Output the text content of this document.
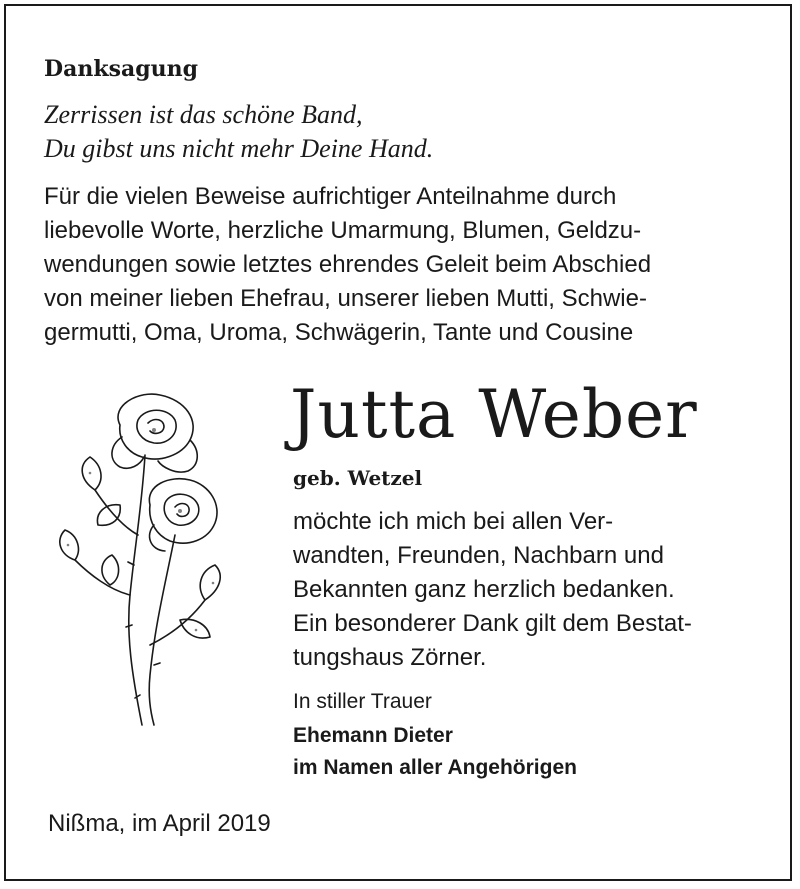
Danksagung
Zerrissen ist das schöne Band,
Du gibst uns nicht mehr Deine Hand.
Für die vielen Beweise aufrichtiger Anteilnahme durch
liebevolle Worte, herzliche Umarmung, Blumen, Geldzu-
wendungen sowie letztes ehrendes Geleit beim Abschied
von meiner lieben Ehefrau, unserer lieben Mutti, Schwie-
germutti, Oma, Uroma, Schwägerin, Tante und Cousine
Jutta Weber
geb. Wetzel
möchte ich mich bei allen Ver-
wandten, Freunden, Nachbarn und
Bekannten ganz herzlich bedanken.
Ein besonderer Dank gilt dem Bestat-
tungshaus Zörner.
In stiller Trauer
Ehemann Dieter
im Namen aller Angehörigen
Nißma, im April 2019
